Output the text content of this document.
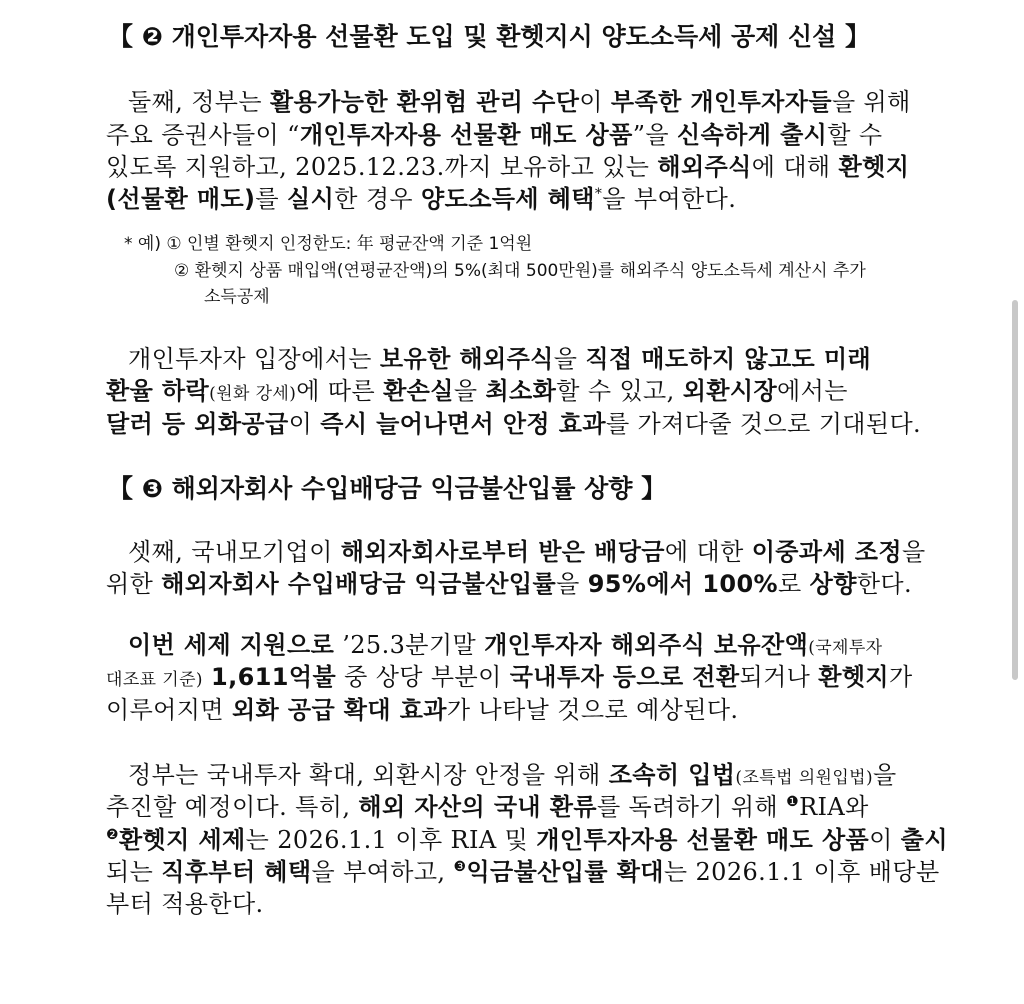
【 ❷ 개인투자자용 선물환 도입 및 환헷지시 양도소득세 공제 신설 】
둘째, 정부는 활용가능한 환위험 관리 수단이 부족한 개인투자자들을 위해
주요 증권사들이 “개인투자자용 선물환 매도 상품”을 신속하게 출시할 수
있도록 지원하고, 2025.12.23.까지 보유하고 있는 해외주식에 대해 환헷지
(선물환 매도)를 실시한 경우 양도소득세 혜택*을 부여한다.
* 예) ① 인별 환헷지 인정한도: 年 평균잔액 기준 1억원
② 환헷지 상품 매입액(연평균잔액)의 5%(최대 500만원)를 해외주식 양도소득세 계산시 추가
소득공제
개인투자자 입장에서는 보유한 해외주식을 직접 매도하지 않고도 미래
환율 하락(원화 강세)에 따른 환손실을 최소화할 수 있고, 외환시장에서는
달러 등 외화공급이 즉시 늘어나면서 안정 효과를 가져다줄 것으로 기대된다.
【 ❸ 해외자회사 수입배당금 익금불산입률 상향 】
셋째, 국내모기업이 해외자회사로부터 받은 배당금에 대한 이중과세 조정을
위한 해외자회사 수입배당금 익금불산입률을 95%에서 100%로 상향한다.
이번 세제 지원으로 ’25.3분기말 개인투자자 해외주식 보유잔액(국제투자
대조표 기준) 1,611억불 중 상당 부분이 국내투자 등으로 전환되거나 환헷지가
이루어지면 외화 공급 확대 효과가 나타날 것으로 예상된다.
정부는 국내투자 확대, 외환시장 안정을 위해 조속히 입법(조특법 의원입법)을
추진할 예정이다. 특히, 해외 자산의 국내 환류를 독려하기 위해 $^❶$RIA와
$^❷$환헷지 세제는 2026.1.1 이후 RIA 및 개인투자자용 선물환 매도 상품이 출시
되는 직후부터 혜택을 부여하고, $^❸$익금불산입률 확대는 2026.1.1 이후 배당분
부터 적용한다.
